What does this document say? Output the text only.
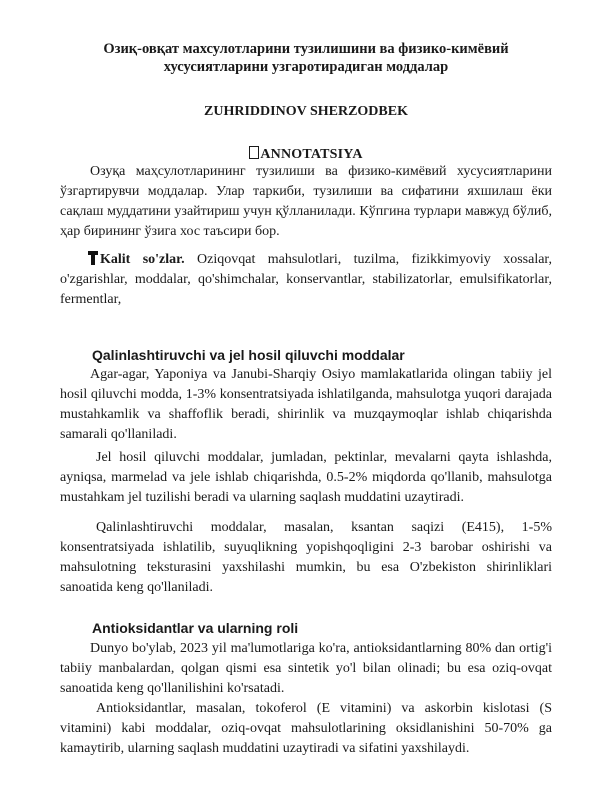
Озиқ-овқат махсулотларини тузилишини ва физико-кимёвий
хусусиятларини узгаротирадиган моддалар
ZUHRIDDINOV SHERZODBEK
ANNOTATSIYA
Озуқа маҳсулотларининг тузилиши ва физико-кимёвий хусусиятларини ўзгартирувчи моддалар. Улар таркиби, тузилиши ва сифатини яхшилаш ёки сақлаш муддатини узайтириш учун қўлланилади. Кўпгина турлари мавжуд бўлиб, ҳар бирининг ўзига хос таъсири бор.
Kalit so'zlar. Oziqovqat mahsulotlari, tuzilma, fizikkimyoviy xossalar, o'zgarishlar, moddalar, qo'shimchalar, konservantlar, stabilizatorlar, emulsifikatorlar, fermentlar,
Qalinlashtiruvchi va jel hosil qiluvchi moddalar
Agar-agar, Yaponiya va Janubi-Sharqiy Osiyo mamlakatlarida olingan tabiiy jel hosil qiluvchi modda, 1-3% konsentratsiyada ishlatilganda, mahsulotga yuqori darajada mustahkamlik va shaffoflik beradi, shirinlik va muzqaymoqlar ishlab chiqarishda samarali qo'llaniladi.
Jel hosil qiluvchi moddalar, jumladan, pektinlar, mevalarni qayta ishlashda, ayniqsa, marmelad va jele ishlab chiqarishda, 0.5-2% miqdorda qo'llanib, mahsulotga mustahkam jel tuzilishi beradi va ularning saqlash muddatini uzaytiradi.
Qalinlashtiruvchi moddalar, masalan, ksantan saqizi (E415), 1-5% konsentratsiyada ishlatilib, suyuqlikning yopishqoqligini 2-3 barobar oshirishi va mahsulotning teksturasini yaxshilashi mumkin, bu esa O'zbekiston shirinliklari sanoatida keng qo'llaniladi.
Antioksidantlar va ularning roli
Dunyo bo'ylab, 2023 yil ma'lumotlariga ko'ra, antioksidantlarning 80% dan ortig'i tabiiy manbalardan, qolgan qismi esa sintetik yo'l bilan olinadi; bu esa oziq-ovqat sanoatida keng qo'llanilishini ko'rsatadi.
Antioksidantlar, masalan, tokoferol (E vitamini) va askorbin kislotasi (S vitamini) kabi moddalar, oziq-ovqat mahsulotlarining oksidlanishini 50-70% ga kamaytirib, ularning saqlash muddatini uzaytiradi va sifatini yaxshilaydi.
